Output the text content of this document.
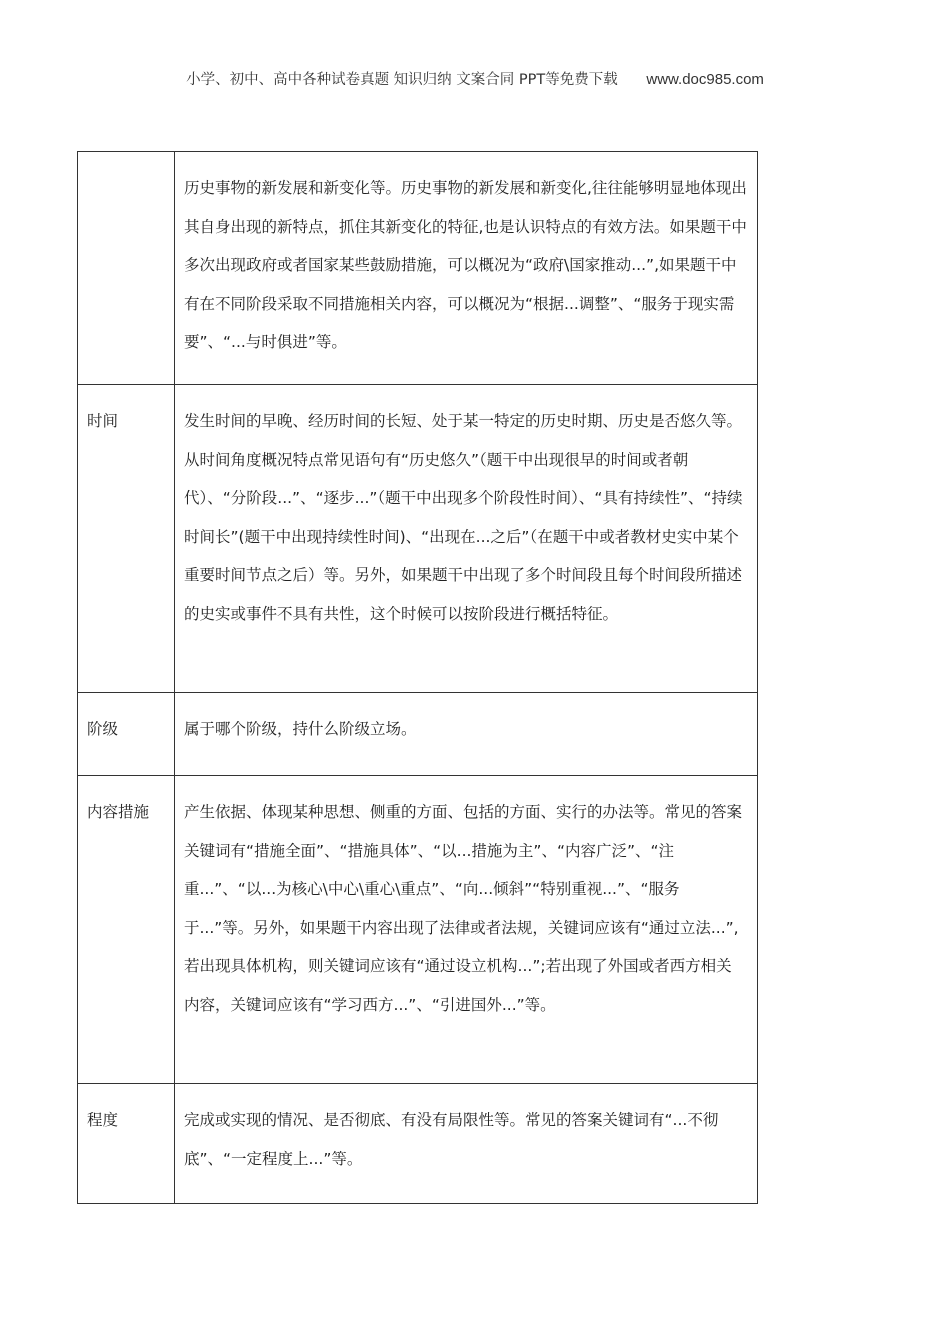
小学、初中、高中各种试卷真题 知识归纳 文案合同 PPT等免费下载 www.doc985.com
	历史事物的新发展和新变化等。历史事物的新发展和新变化,往往能够明显地体现出其自身出现的新特点，抓住其新变化的特征,也是认识特点的有效方法。如果题干中多次出现政府或者国家某些鼓励措施，可以概况为“政府\国家推动...”,如果题干中有在不同阶段采取不同措施相关内容，可以概况为“根据...调整”、“服务于现实需要”、“...与时俱进”等。
时间	发生时间的早晚、经历时间的长短、处于某一特定的历史时期、历史是否悠久等。从时间角度概况特点常见语句有“历史悠久”（题干中出现很早的时间或者朝代）、“分阶段...”、“逐步...”（题干中出现多个阶段性时间）、“具有持续性”、“持续时间长”(题干中出现持续性时间)、“出现在...之后”（在题干中或者教材史实中某个重要时间节点之后）等。另外，如果题干中出现了多个时间段且每个时间段所描述的史实或事件不具有共性，这个时候可以按阶段进行概括特征。
阶级	属于哪个阶级，持什么阶级立场。
内容措施	产生依据、体现某种思想、侧重的方面、包括的方面、实行的办法等。常见的答案关键词有“措施全面”、“措施具体”、“以...措施为主”、“内容广泛”、“注重...”、“以...为核心\中心\重心\重点”、“向...倾斜”“特别重视...”、“服务于...”等。另外，如果题干内容出现了法律或者法规，关键词应该有“通过立法...”,若出现具体机构，则关键词应该有“通过设立机构...”;若出现了外国或者西方相关内容，关键词应该有“学习西方...”、“引进国外...”等。
程度	完成或实现的情况、是否彻底、有没有局限性等。常见的答案关键词有“...不彻底”、“一定程度上...”等。
